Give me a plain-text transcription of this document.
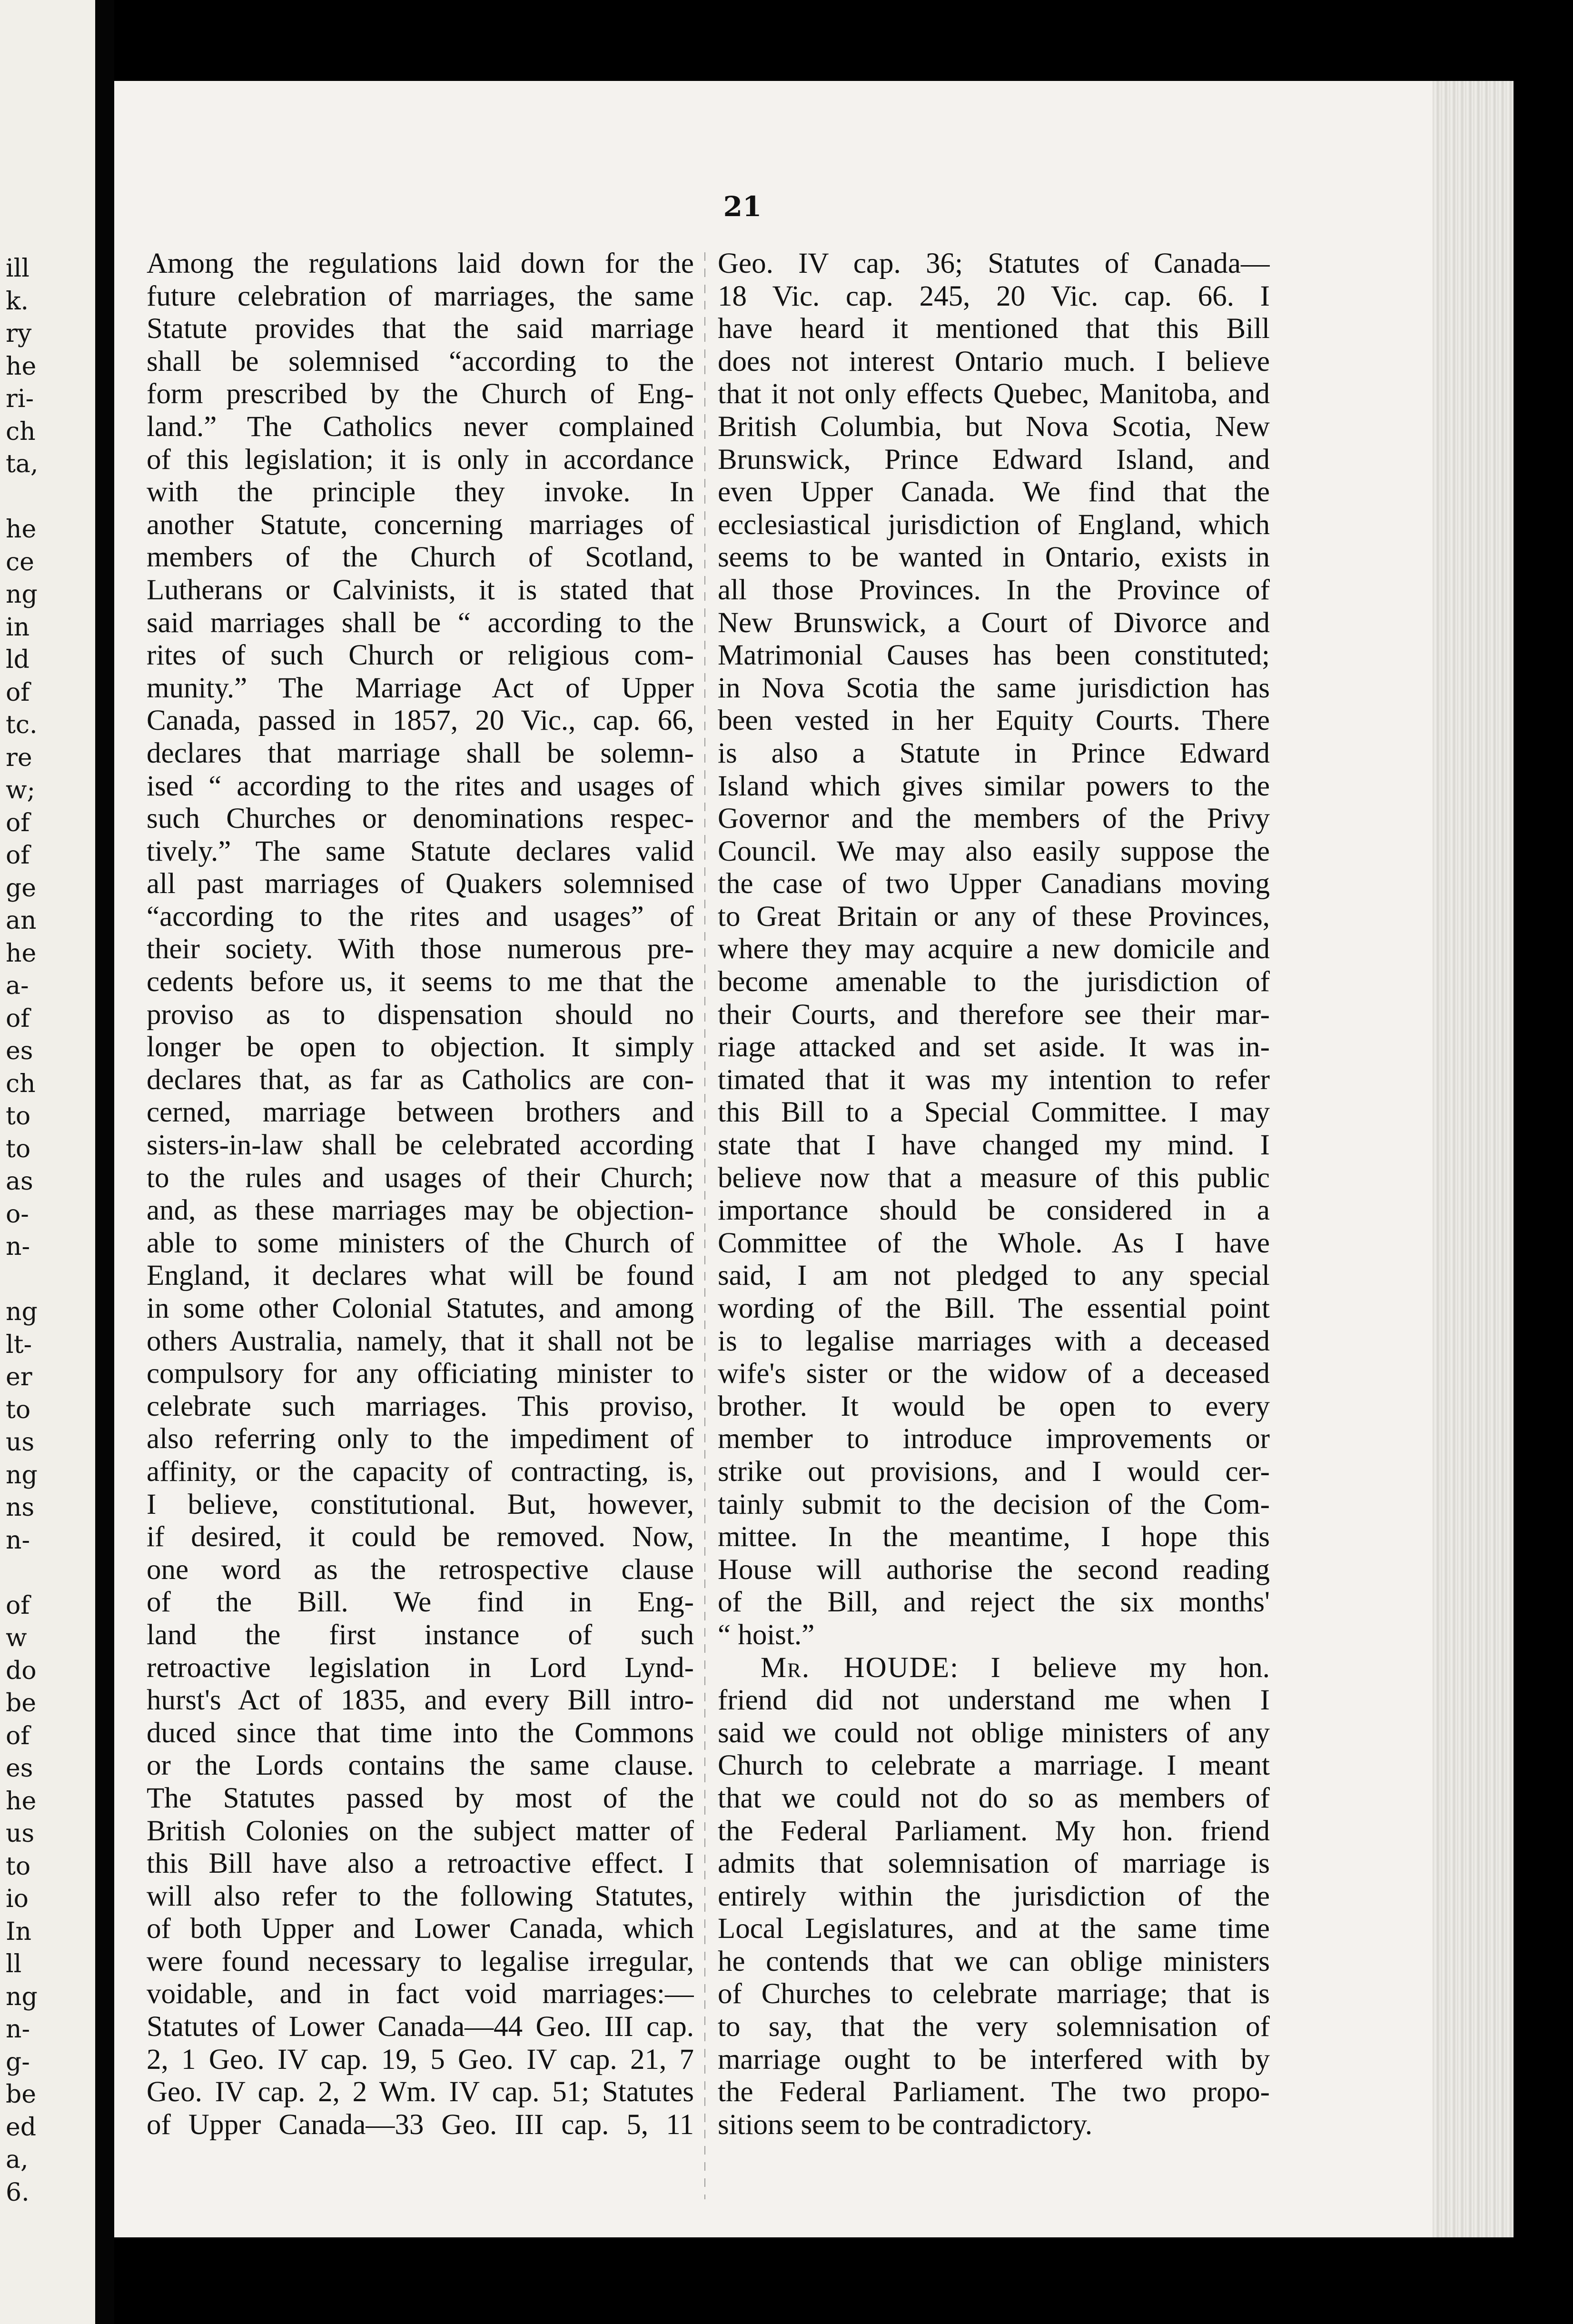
ill
k.
ry
he
ri-
ch
ta,
he
ce
ng
in
ld
of
tc.
re
w;
of
of
ge
an
he
a-
of
es
ch
to
to
as
o-
n-
ng
lt-
er
to
us
ng
ns
n-
of
w
do
be
of
es
he
us
to
io
In
ll
ng
n-
g-
be
ed
a,
6.
21
Among the regulations laid down for the
future celebration of marriages, the same
Statute provides that the said marriage
shall be solemnised “according to the
form prescribed by the Church of Eng-
land.” The Catholics never complained
of this legislation; it is only in accordance
with the principle they invoke. In
another Statute, concerning marriages of
members of the Church of Scotland,
Lutherans or Calvinists, it is stated that
said marriages shall be “ according to the
rites of such Church or religious com-
munity.” The Marriage Act of Upper
Canada, passed in 1857, 20 Vic., cap. 66,
declares that marriage shall be solemn-
ised “ according to the rites and usages of
such Churches or denominations respec-
tively.” The same Statute declares valid
all past marriages of Quakers solemnised
“according to the rites and usages” of
their society. With those numerous pre-
cedents before us, it seems to me that the
proviso as to dispensation should no
longer be open to objection. It simply
declares that, as far as Catholics are con-
cerned, marriage between brothers and
sisters-in-law shall be celebrated according
to the rules and usages of their Church;
and, as these marriages may be objection-
able to some ministers of the Church of
England, it declares what will be found
in some other Colonial Statutes, and among
others Australia, namely, that it shall not be
compulsory for any officiating minister to
celebrate such marriages. This proviso,
also referring only to the impediment of
affinity, or the capacity of contracting, is,
I believe, constitutional. But, however,
if desired, it could be removed. Now,
one word as the retrospective clause
of the Bill. We find in Eng-
land the first instance of such
retroactive legislation in Lord Lynd-
hurst's Act of 1835, and every Bill intro-
duced since that time into the Commons
or the Lords contains the same clause.
The Statutes passed by most of the
British Colonies on the subject matter of
this Bill have also a retroactive effect. I
will also refer to the following Statutes,
of both Upper and Lower Canada, which
were found necessary to legalise irregular,
voidable, and in fact void marriages:—
Statutes of Lower Canada—44 Geo. III cap.
2, 1 Geo. IV cap. 19, 5 Geo. IV cap. 21, 7
Geo. IV cap. 2, 2 Wm. IV cap. 51; Statutes
of Upper Canada—33 Geo. III cap. 5, 11
Geo. IV cap. 36; Statutes of Canada—
18 Vic. cap. 245, 20 Vic. cap. 66. I
have heard it mentioned that this Bill
does not interest Ontario much. I believe
that it not only effects Quebec, Manitoba, and
British Columbia, but Nova Scotia, New
Brunswick, Prince Edward Island, and
even Upper Canada. We find that the
ecclesiastical jurisdiction of England, which
seems to be wanted in Ontario, exists in
all those Provinces. In the Province of
New Brunswick, a Court of Divorce and
Matrimonial Causes has been constituted;
in Nova Scotia the same jurisdiction has
been vested in her Equity Courts. There
is also a Statute in Prince Edward
Island which gives similar powers to the
Governor and the members of the Privy
Council. We may also easily suppose the
the case of two Upper Canadians moving
to Great Britain or any of these Provinces,
where they may acquire a new domicile and
become amenable to the jurisdiction of
their Courts, and therefore see their mar-
riage attacked and set aside. It was in-
timated that it was my intention to refer
this Bill to a Special Committee. I may
state that I have changed my mind. I
believe now that a measure of this public
importance should be considered in a
Committee of the Whole. As I have
said, I am not pledged to any special
wording of the Bill. The essential point
is to legalise marriages with a deceased
wife's sister or the widow of a deceased
brother. It would be open to every
member to introduce improvements or
strike out provisions, and I would cer-
tainly submit to the decision of the Com-
mittee. In the meantime, I hope this
House will authorise the second reading
of the Bill, and reject the six months'
“ hoist.”
Mr. HOUDE: I believe my hon.
friend did not understand me when I
said we could not oblige ministers of any
Church to celebrate a marriage. I meant
that we could not do so as members of
the Federal Parliament. My hon. friend
admits that solemnisation of marriage is
entirely within the jurisdiction of the
Local Legislatures, and at the same time
he contends that we can oblige ministers
of Churches to celebrate marriage; that is
to say, that the very solemnisation of
marriage ought to be interfered with by
the Federal Parliament. The two propo-
sitions seem to be contradictory.
